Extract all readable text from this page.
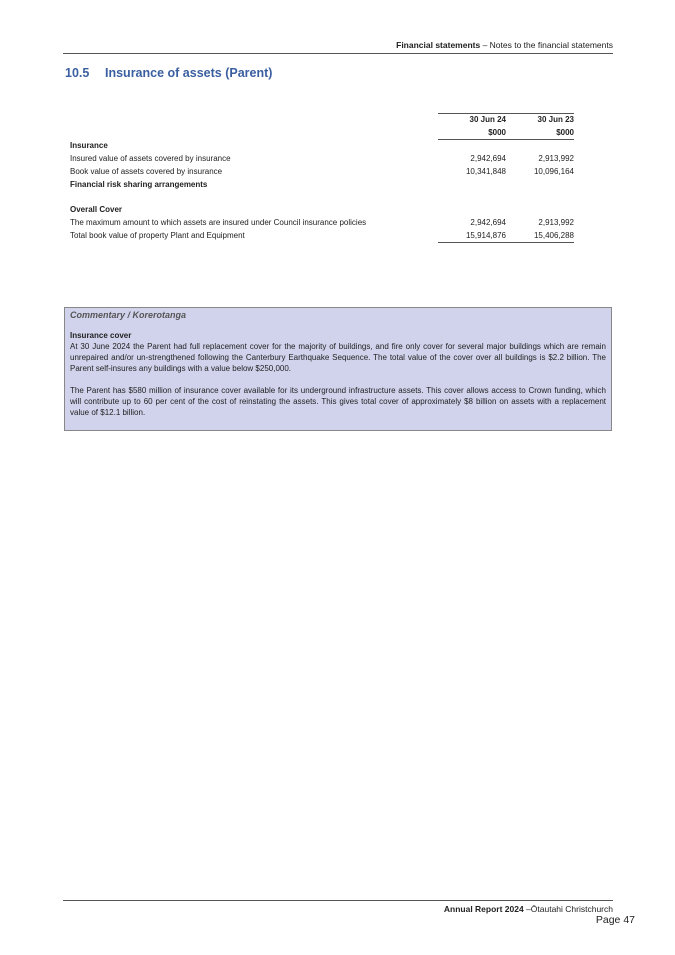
Financial statements – Notes to the financial statements
10.5 Insurance of assets (Parent)
	30 Jun 24	30 Jun 23
	$000	$000
Insurance		
Insured value of assets covered by insurance	2,942,694	2,913,992
Book value of assets covered by insurance	10,341,848	10,096,164
Financial risk sharing arrangements		

Overall Cover		
The maximum amount to which assets are insured under Council insurance policies	2,942,694	2,913,992
Total book value of property Plant and Equipment	15,914,876	15,406,288
Commentary / Korerotanga
Insurance cover

At 30 June 2024 the Parent had full replacement cover for the majority of buildings, and fire only cover for several major buildings which are remain unrepaired and/or un-strengthened following the Canterbury Earthquake Sequence. The total value of the cover over all buildings is $2.2 billion. The Parent self-insures any buildings with a value below $250,000.

The Parent has $580 million of insurance cover available for its underground infrastructure assets. This cover allows access to Crown funding, which will contribute up to 60 per cent of the cost of reinstating the assets. This gives total cover of approximately $8 billion on assets with a replacement value of $12.1 billion.

Annual Report 2024 –Ōtautahi Christchurch
Page 47
